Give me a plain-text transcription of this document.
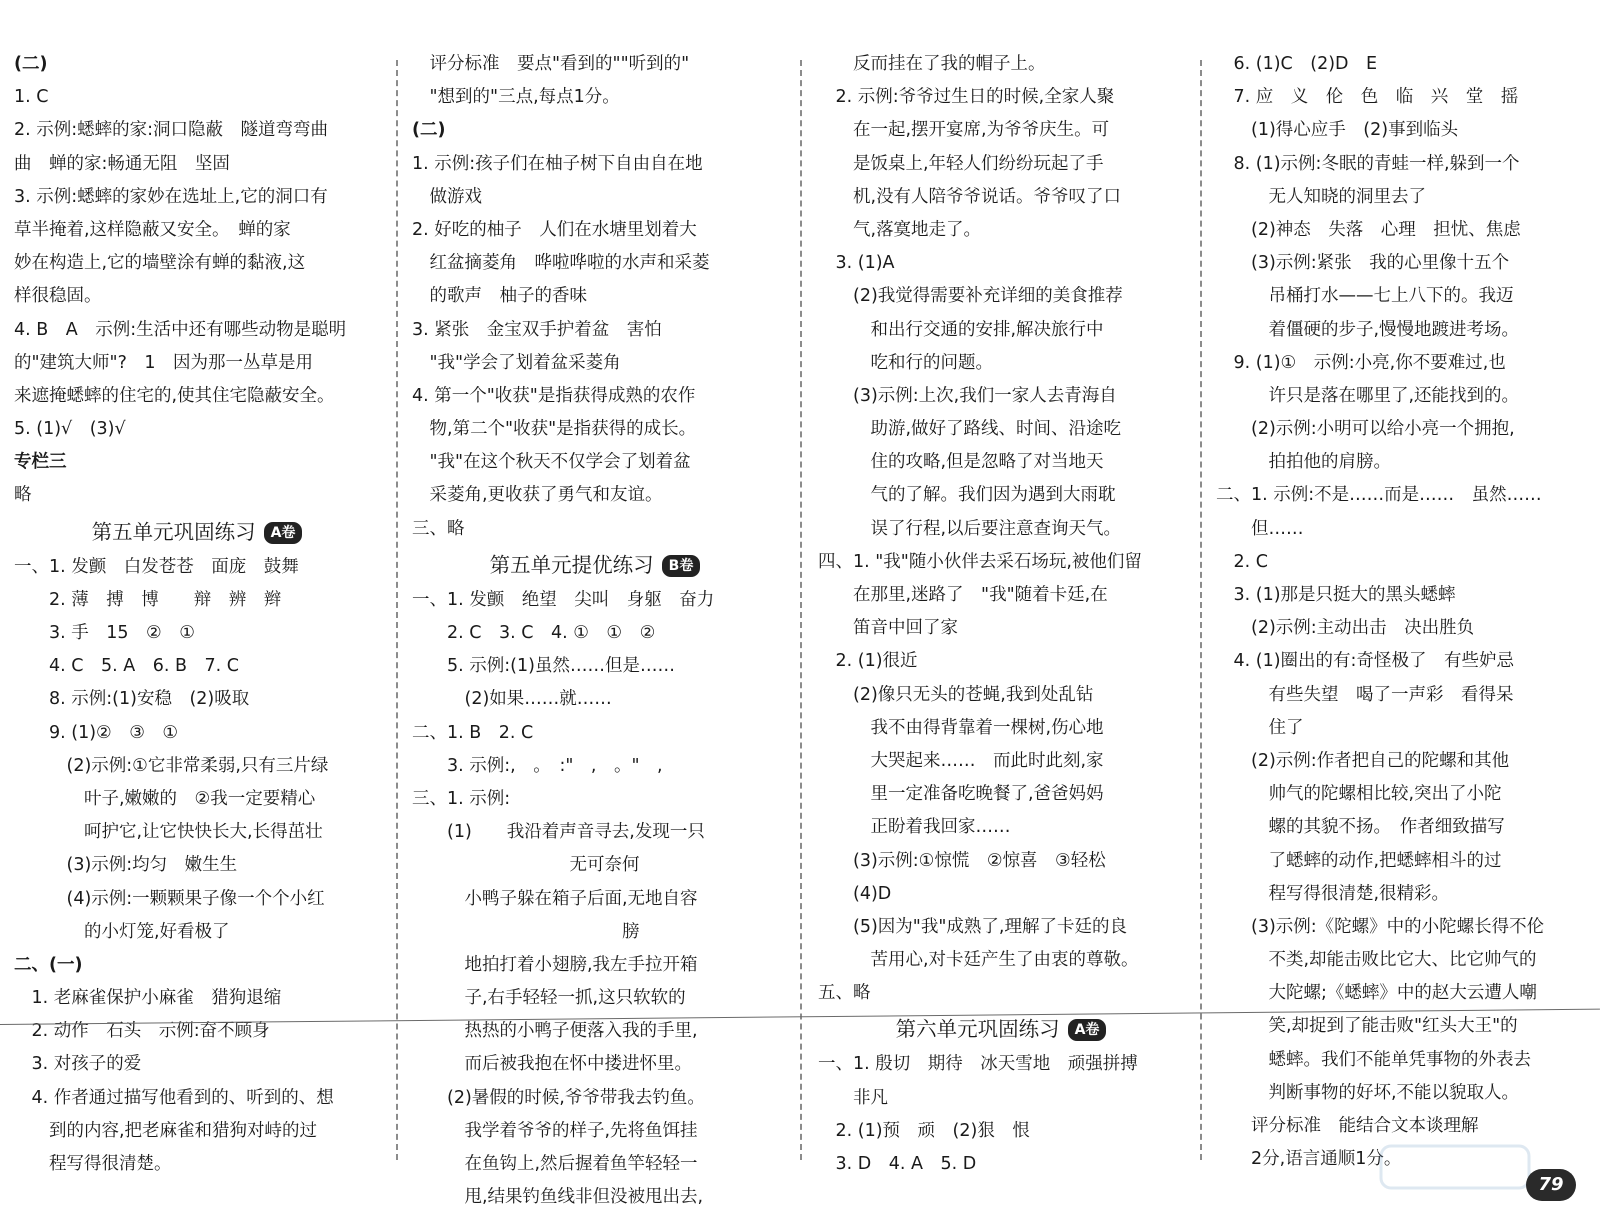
(二)
1. C
2. 示例:蟋蟀的家:洞口隐蔽　隧道弯弯曲
曲　蝉的家:畅通无阻　坚固
3. 示例:蟋蟀的家妙在选址上,它的洞口有
草半掩着,这样隐蔽又安全。　蝉的家
妙在构造上,它的墙壁涂有蝉的黏液,这
样很稳固。
4. B　A　示例:生活中还有哪些动物是聪明
的"建筑大师"?　1　因为那一丛草是用
来遮掩蟋蟀的住宅的,使其住宅隐蔽安全。
5. (1)√　(3)√
专栏三
略
第五单元巩固练习 A卷
一、1. 发颤　白发苍苍　面庞　鼓舞
　　2. 薄　搏　博　　辩　辨　辫
　　3. 手　15　②　①
　　4. C　5. A　6. B　7. C
　　8. 示例:(1)安稳　(2)吸取
　　9. (1)②　③　①
　　　(2)示例:①它非常柔弱,只有三片绿
　　　　叶子,嫩嫩的　②我一定要精心
　　　　呵护它,让它快快长大,长得茁壮
　　　(3)示例:均匀　嫩生生
　　　(4)示例:一颗颗果子像一个个小红
　　　　的小灯笼,好看极了
二、(一)
　1. 老麻雀保护小麻雀　猎狗退缩
　2. 动作　石头　示例:奋不顾身
　3. 对孩子的爱
　4. 作者通过描写他看到的、听到的、想
　　到的内容,把老麻雀和猎狗对峙的过
　　程写得很清楚。
　评分标准　要点"看到的""听到的"
　"想到的"三点,每点1分。
(二)
1. 示例:孩子们在柚子树下自由自在地
　做游戏
2. 好吃的柚子　人们在水塘里划着大
　红盆摘菱角　哗啦哗啦的水声和采菱
　的歌声　柚子的香味
3. 紧张　金宝双手护着盆　害怕
　"我"学会了划着盆采菱角
4. 第一个"收获"是指获得成熟的农作
　物,第二个"收获"是指获得的成长。
　"我"在这个秋天不仅学会了划着盆
　采菱角,更收获了勇气和友谊。
三、略
第五单元提优练习 B卷
一、1. 发颤　绝望　尖叫　身躯　奋力
　　2. C　3. C　4. ①　①　②
　　5. 示例:(1)虽然……但是……
　　　(2)如果……就……
二、1. B　2. C
　　3. 示例:,　。　:"　,　。"　,
三、1. 示例:
　　(1)　　我沿着声音寻去,发现一只
　　　　　　　　　无可奈何
　　　小鸭子躲在箱子后面,无地自容
　　　　　　　　　　　　膀
　　　地拍打着小翅膀,我左手拉开箱
　　　子,右手轻轻一抓,这只软软的
　　　热热的小鸭子便落入我的手里,
　　　而后被我抱在怀中搂进怀里。
　　(2)暑假的时候,爷爷带我去钓鱼。
　　　我学着爷爷的样子,先将鱼饵挂
　　　在鱼钩上,然后握着鱼竿轻轻一
　　　甩,结果钓鱼线非但没被甩出去,
　　反而挂在了我的帽子上。
　2. 示例:爷爷过生日的时候,全家人聚
　　在一起,摆开宴席,为爷爷庆生。可
　　是饭桌上,年轻人们纷纷玩起了手
　　机,没有人陪爷爷说话。爷爷叹了口
　　气,落寞地走了。
　3. (1)A
　　(2)我觉得需要补充详细的美食推荐
　　　和出行交通的安排,解决旅行中
　　　吃和行的问题。
　　(3)示例:上次,我们一家人去青海自
　　　助游,做好了路线、时间、沿途吃
　　　住的攻略,但是忽略了对当地天
　　　气的了解。我们因为遇到大雨耽
　　　误了行程,以后要注意查询天气。
四、1. "我"随小伙伴去采石场玩,被他们留
　　在那里,迷路了　"我"随着卡廷,在
　　笛音中回了家
　2. (1)很近
　　(2)像只无头的苍蝇,我到处乱钻
　　　我不由得背靠着一棵树,伤心地
　　　大哭起来……　而此时此刻,家
　　　里一定准备吃晚餐了,爸爸妈妈
　　　正盼着我回家……
　　(3)示例:①惊慌　②惊喜　③轻松
　　(4)D
　　(5)因为"我"成熟了,理解了卡廷的良
　　　苦用心,对卡廷产生了由衷的尊敬。
五、略
第六单元巩固练习 A卷
一、1. 殷切　期待　冰天雪地　顽强拼搏
　　非凡
　2. (1)预　顽　(2)狠　恨
　3. D　4. A　5. D
　6. (1)C　(2)D　E
　7. 应　义　伦　色　临　兴　堂　摇
　　(1)得心应手　(2)事到临头
　8. (1)示例:冬眠的青蛙一样,躲到一个
　　　无人知晓的洞里去了
　　(2)神态　失落　心理　担忧、焦虑
　　(3)示例:紧张　我的心里像十五个
　　　吊桶打水——七上八下的。我迈
　　　着僵硬的步子,慢慢地踱进考场。
　9. (1)①　示例:小亮,你不要难过,也
　　　许只是落在哪里了,还能找到的。
　　(2)示例:小明可以给小亮一个拥抱,
　　　拍拍他的肩膀。
二、1. 示例:不是……而是……　虽然……
　　但……
　2. C
　3. (1)那是只挺大的黑头蟋蟀
　　(2)示例:主动出击　决出胜负
　4. (1)圈出的有:奇怪极了　有些妒忌
　　　有些失望　喝了一声彩　看得呆
　　　住了
　　(2)示例:作者把自己的陀螺和其他
　　　帅气的陀螺相比较,突出了小陀
　　　螺的其貌不扬。　作者细致描写
　　　了蟋蟀的动作,把蟋蟀相斗的过
　　　程写得很清楚,很精彩。
　　(3)示例:《陀螺》中的小陀螺长得不伦
　　　不类,却能击败比它大、比它帅气的
　　　大陀螺;《蟋蟀》中的赵大云遭人嘲
　　　笑,却捉到了能击败"红头大王"的
　　　蟋蟀。我们不能单凭事物的外表去
　　　判断事物的好坏,不能以貌取人。
　　评分标准　能结合文本谈理解
　　2分,语言通顺1分。
79
